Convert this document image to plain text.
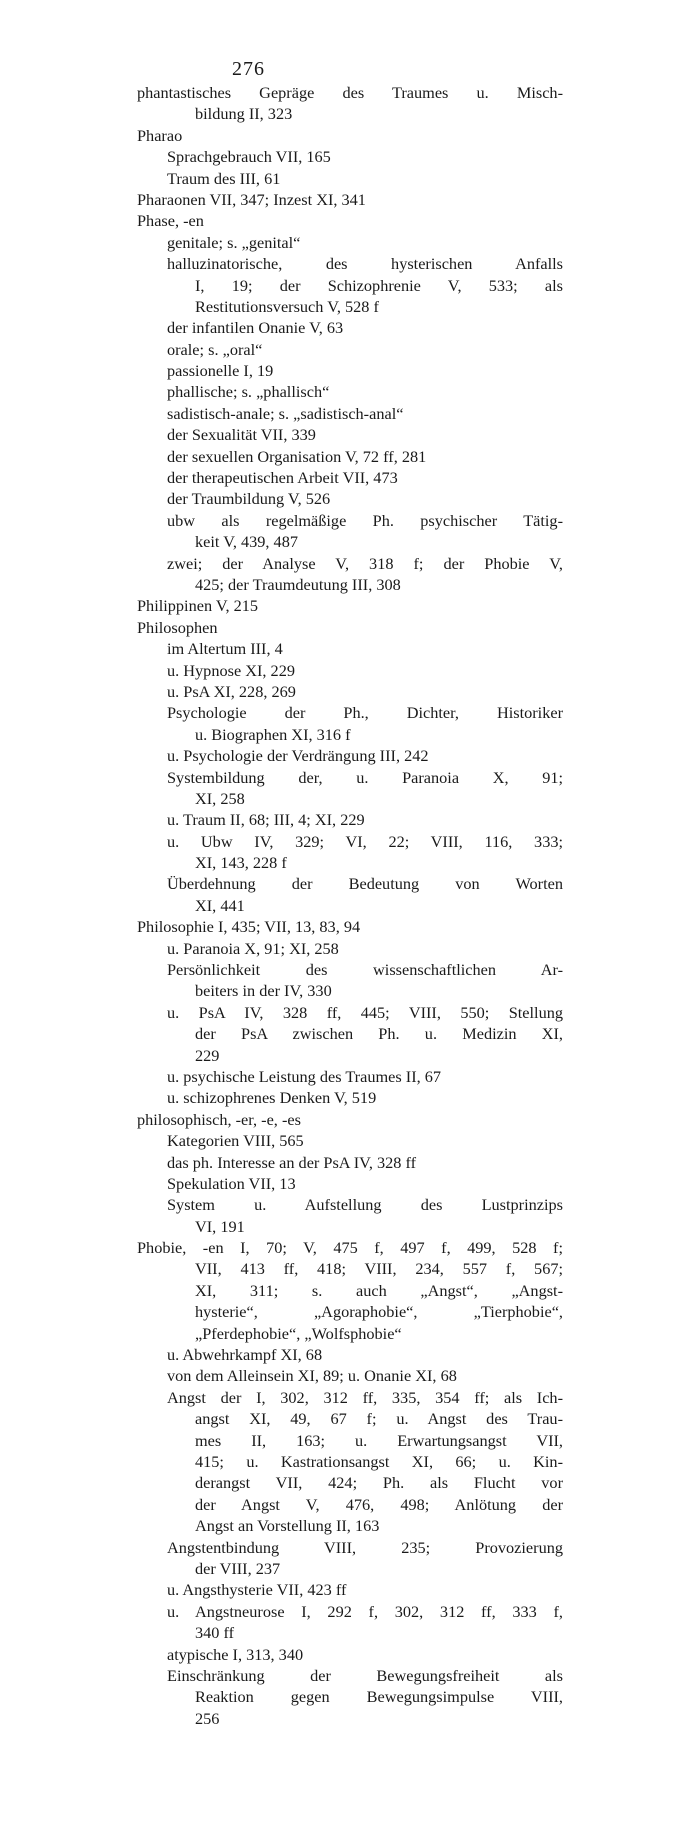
276
phantastisches Gepräge des Traumes u. Misch-
bildung II, 323
Pharao
Sprachgebrauch VII, 165
Traum des III, 61
Pharaonen VII, 347; Inzest XI, 341
Phase, -en
genitale; s. „genital“
halluzinatorische, des hysterischen Anfalls
I, 19; der Schizophrenie V, 533; als
Restitutionsversuch V, 528 f
der infantilen Onanie V, 63
orale; s. „oral“
passionelle I, 19
phallische; s. „phallisch“
sadistisch-anale; s. „sadistisch-anal“
der Sexualität VII, 339
der sexuellen Organisation V, 72 ff, 281
der therapeutischen Arbeit VII, 473
der Traumbildung V, 526
ubw als regelmäßige Ph. psychischer Tätig-
keit V, 439, 487
zwei; der Analyse V, 318 f; der Phobie V,
425; der Traumdeutung III, 308
Philippinen V, 215
Philosophen
im Altertum III, 4
u. Hypnose XI, 229
u. PsA XI, 228, 269
Psychologie der Ph., Dichter, Historiker
u. Biographen XI, 316 f
u. Psychologie der Verdrängung III, 242
Systembildung der, u. Paranoia X, 91;
XI, 258
u. Traum II, 68; III, 4; XI, 229
u. Ubw IV, 329; VI, 22; VIII, 116, 333;
XI, 143, 228 f
Überdehnung der Bedeutung von Worten
XI, 441
Philosophie I, 435; VII, 13, 83, 94
u. Paranoia X, 91; XI, 258
Persönlichkeit des wissenschaftlichen Ar-
beiters in der IV, 330
u. PsA IV, 328 ff, 445; VIII, 550; Stellung
der PsA zwischen Ph. u. Medizin XI,
229
u. psychische Leistung des Traumes II, 67
u. schizophrenes Denken V, 519
philosophisch, -er, -e, -es
Kategorien VIII, 565
das ph. Interesse an der PsA IV, 328 ff
Spekulation VII, 13
System u. Aufstellung des Lustprinzips
VI, 191
Phobie, -en I, 70; V, 475 f, 497 f, 499, 528 f;
VII, 413 ff, 418; VIII, 234, 557 f, 567;
XI, 311; s. auch „Angst“, „Angst-
hysterie“, „Agoraphobie“, „Tierphobie“,
„Pferdephobie“, „Wolfsphobie“
u. Abwehrkampf XI, 68
von dem Alleinsein XI, 89; u. Onanie XI, 68
Angst der I, 302, 312 ff, 335, 354 ff; als Ich-
angst XI, 49, 67 f; u. Angst des Trau-
mes II, 163; u. Erwartungsangst VII,
415; u. Kastrationsangst XI, 66; u. Kin-
derangst VII, 424; Ph. als Flucht vor
der Angst V, 476, 498; Anlötung der
Angst an Vorstellung II, 163
Angstentbindung VIII, 235; Provozierung
der VIII, 237
u. Angsthysterie VII, 423 ff
u. Angstneurose I, 292 f, 302, 312 ff, 333 f,
340 ff
atypische I, 313, 340
Einschränkung der Bewegungsfreiheit als
Reaktion gegen Bewegungsimpulse VIII,
256
